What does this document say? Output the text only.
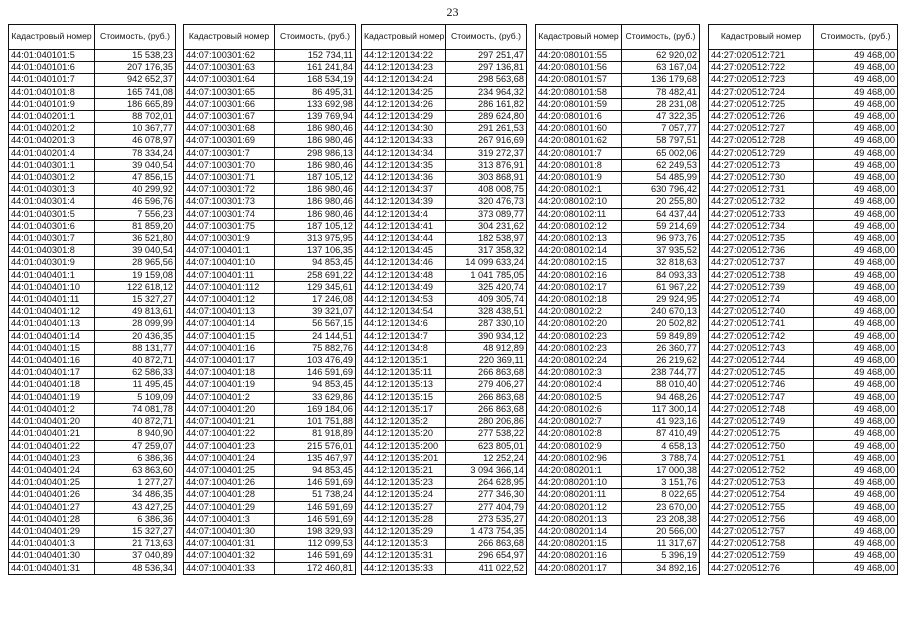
23
Кадастровый номер	Стоимость, (руб.)
44:01:040101:5	15 538,23
44:01:040101:6	207 176,35
44:01:040101:7	942 652,37
44:01:040101:8	165 741,08
44:01:040101:9	186 665,89
44:01:040201:1	88 702,01
44:01:040201:2	10 367,77
44:01:040201:3	46 078,97
44:01:040201:4	78 334,24
44:01:040301:1	39 040,54
44:01:040301:2	47 856,15
44:01:040301:3	40 299,92
44:01:040301:4	46 596,76
44:01:040301:5	7 556,23
44:01:040301:6	81 859,20
44:01:040301:7	36 521,80
44:01:040301:8	39 040,54
44:01:040301:9	28 965,56
44:01:040401:1	19 159,08
44:01:040401:10	122 618,12
44:01:040401:11	15 327,27
44:01:040401:12	49 813,61
44:01:040401:13	28 099,99
44:01:040401:14	20 436,35
44:01:040401:15	88 131,77
44:01:040401:16	40 872,71
44:01:040401:17	62 586,33
44:01:040401:18	11 495,45
44:01:040401:19	5 109,09
44:01:040401:2	74 081,78
44:01:040401:20	40 872,71
44:01:040401:21	8 940,90
44:01:040401:22	47 259,07
44:01:040401:23	6 386,36
44:01:040401:24	63 863,60
44:01:040401:25	1 277,27
44:01:040401:26	34 486,35
44:01:040401:27	43 427,25
44:01:040401:28	6 386,36
44:01:040401:29	15 327,27
44:01:040401:3	21 713,63
44:01:040401:30	37 040,89
44:01:040401:31	48 536,34
Кадастровый номер	Стоимость, (руб.)
44:07:100301:62	152 734,11
44:07:100301:63	161 241,84
44:07:100301:64	168 534,19
44:07:100301:65	86 495,31
44:07:100301:66	133 692,98
44:07:100301:67	139 769,94
44:07:100301:68	186 980,46
44:07:100301:69	186 980,46
44:07:100301:7	298 986,13
44:07:100301:70	186 980,46
44:07:100301:71	187 105,12
44:07:100301:72	186 980,46
44:07:100301:73	186 980,46
44:07:100301:74	186 980,46
44:07:100301:75	187 105,12
44:07:100301:9	313 975,95
44:07:100401:1	137 106,35
44:07:100401:10	94 853,45
44:07:100401:11	258 691,22
44:07:100401:112	129 345,61
44:07:100401:12	17 246,08
44:07:100401:13	39 321,07
44:07:100401:14	56 567,15
44:07:100401:15	24 144,51
44:07:100401:16	75 882,76
44:07:100401:17	103 476,49
44:07:100401:18	146 591,69
44:07:100401:19	94 853,45
44:07:100401:2	33 629,86
44:07:100401:20	169 184,06
44:07:100401:21	101 751,88
44:07:100401:22	81 918,89
44:07:100401:23	215 576,01
44:07:100401:24	135 467,97
44:07:100401:25	94 853,45
44:07:100401:26	146 591,69
44:07:100401:28	51 738,24
44:07:100401:29	146 591,69
44:07:100401:3	146 591,69
44:07:100401:30	198 329,93
44:07:100401:31	112 099,53
44:07:100401:32	146 591,69
44:07:100401:33	172 460,81
Кадастровый номер	Стоимость, (руб.)
44:12:120134:22	297 251,47
44:12:120134:23	297 136,81
44:12:120134:24	298 563,68
44:12:120134:25	234 964,32
44:12:120134:26	286 161,82
44:12:120134:29	289 624,80
44:12:120134:30	291 261,53
44:12:120134:33	267 916,69
44:12:120134:34	319 272,37
44:12:120134:35	313 876,91
44:12:120134:36	303 868,91
44:12:120134:37	408 008,75
44:12:120134:39	320 476,73
44:12:120134:4	373 089,77
44:12:120134:41	304 231,62
44:12:120134:44	182 538,97
44:12:120134:45	317 358,32
44:12:120134:46	14 099 633,24
44:12:120134:48	1 041 785,05
44:12:120134:49	325 420,74
44:12:120134:53	409 305,74
44:12:120134:54	328 438,51
44:12:120134:6	287 330,10
44:12:120134:7	390 934,12
44:12:120134:8	48 912,89
44:12:120135:1	220 369,11
44:12:120135:11	266 863,68
44:12:120135:13	279 406,27
44:12:120135:15	266 863,68
44:12:120135:17	266 863,68
44:12:120135:2	280 206,86
44:12:120135:20	277 538,22
44:12:120135:200	623 805,01
44:12:120135:201	12 252,24
44:12:120135:21	3 094 366,14
44:12:120135:23	264 628,95
44:12:120135:24	277 346,30
44:12:120135:27	277 404,79
44:12:120135:28	273 535,27
44:12:120135:29	1 473 754,35
44:12:120135:3	266 863,68
44:12:120135:31	296 654,97
44:12:120135:33	411 022,52
Кадастровый номер	Стоимость, (руб.)
44:20:080101:55	62 920,02
44:20:080101:56	63 167,04
44:20:080101:57	136 179,68
44:20:080101:58	78 482,41
44:20:080101:59	28 231,08
44:20:080101:6	47 322,35
44:20:080101:60	7 057,77
44:20:080101:62	58 797,51
44:20:080101:7	65 002,06
44:20:080101:8	62 249,53
44:20:080101:9	54 485,99
44:20:080102:1	630 796,42
44:20:080102:10	20 255,80
44:20:080102:11	64 437,44
44:20:080102:12	59 214,69
44:20:080102:13	96 973,76
44:20:080102:14	37 935,52
44:20:080102:15	32 818,63
44:20:080102:16	84 093,33
44:20:080102:17	61 967,22
44:20:080102:18	29 924,95
44:20:080102:2	240 670,13
44:20:080102:20	20 502,82
44:20:080102:23	59 849,89
44:20:080102:23	26 360,77
44:20:080102:24	26 219,62
44:20:080102:3	238 744,77
44:20:080102:4	88 010,40
44:20:080102:5	94 468,26
44:20:080102:6	117 300,14
44:20:080102:7	41 923,16
44:20:080102:8	87 410,49
44:20:080102:9	4 658,13
44:20:080102:96	3 788,74
44:20:080201:1	17 000,38
44:20:080201:10	3 151,76
44:20:080201:11	8 022,65
44:20:080201:12	23 670,00
44:20:080201:13	23 208,38
44:20:080201:14	20 566,00
44:20:080201:15	11 317,67
44:20:080201:16	5 396,19
44:20:080201:17	34 892,16
Кадастровый номер	Стоимость, (руб.)
44:27:020512:721	49 468,00
44:27:020512:722	49 468,00
44:27:020512:723	49 468,00
44:27:020512:724	49 468,00
44:27:020512:725	49 468,00
44:27:020512:726	49 468,00
44:27:020512:727	49 468,00
44:27:020512:728	49 468,00
44:27:020512:729	49 468,00
44:27:020512:73	49 468,00
44:27:020512:730	49 468,00
44:27:020512:731	49 468,00
44:27:020512:732	49 468,00
44:27:020512:733	49 468,00
44:27:020512:734	49 468,00
44:27:020512:735	49 468,00
44:27:020512:736	49 468,00
44:27:020512:737	49 468,00
44:27:020512:738	49 468,00
44:27:020512:739	49 468,00
44:27:020512:74	49 468,00
44:27:020512:740	49 468,00
44:27:020512:741	49 468,00
44:27:020512:742	49 468,00
44:27:020512:743	49 468,00
44:27:020512:744	49 468,00
44:27:020512:745	49 468,00
44:27:020512:746	49 468,00
44:27:020512:747	49 468,00
44:27:020512:748	49 468,00
44:27:020512:749	49 468,00
44:27:020512:75	49 468,00
44:27:020512:750	49 468,00
44:27:020512:751	49 468,00
44:27:020512:752	49 468,00
44:27:020512:753	49 468,00
44:27:020512:754	49 468,00
44:27:020512:755	49 468,00
44:27:020512:756	49 468,00
44:27:020512:757	49 468,00
44:27:020512:758	49 468,00
44:27:020512:759	49 468,00
44:27:020512:76	49 468,00
